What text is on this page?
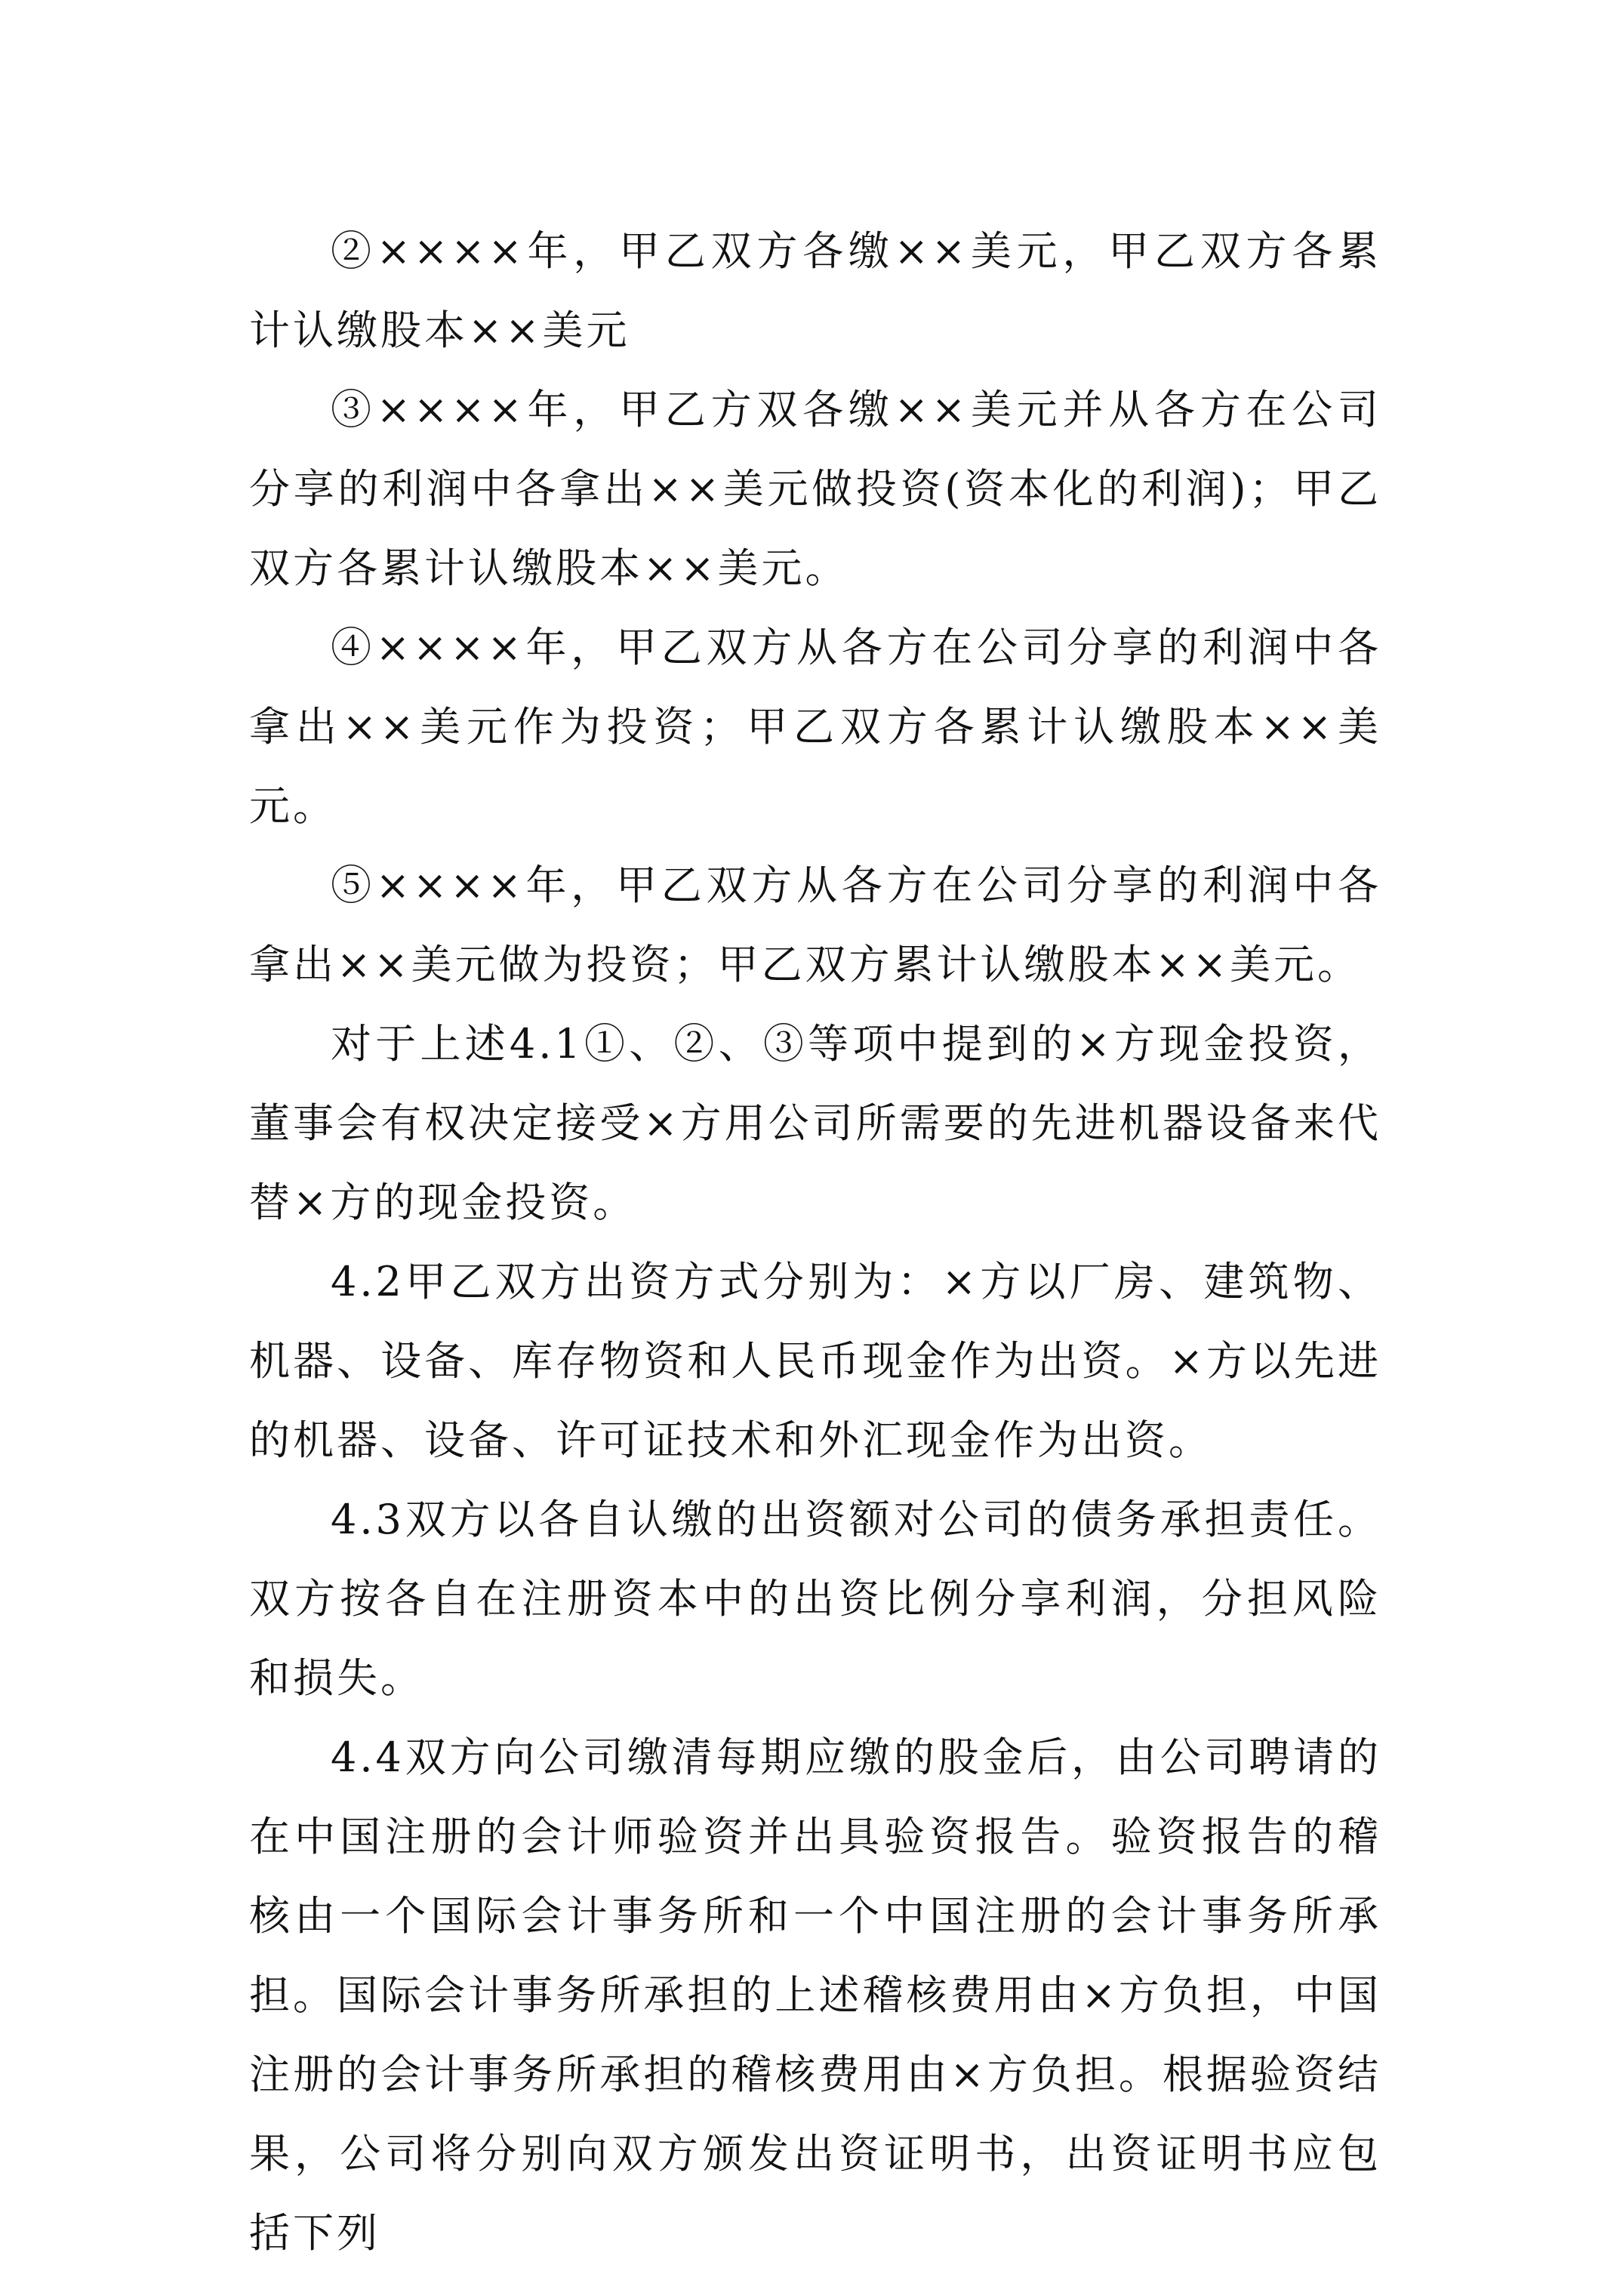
②××××年，甲乙双方各缴××美元，甲乙双方各累计认缴股本××美元

③××××年，甲乙方双各缴××美元并从各方在公司分享的利润中各拿出××美元做投资(资本化的利润)；甲乙双方各累计认缴股本××美元。

④××××年，甲乙双方从各方在公司分享的利润中各拿出××美元作为投资；甲乙双方各累计认缴股本××美元。

⑤××××年，甲乙双方从各方在公司分享的利润中各拿出××美元做为投资；甲乙双方累计认缴股本××美元。

对于上述4.1①、②、③等项中提到的×方现金投资，董事会有权决定接受×方用公司所需要的先进机器设备来代替×方的现金投资。

4.2甲乙双方出资方式分别为：×方以厂房、建筑物、机器、设备、库存物资和人民币现金作为出资。×方以先进的机器、设备、许可证技术和外汇现金作为出资。

4.3双方以各自认缴的出资额对公司的债务承担责任。双方按各自在注册资本中的出资比例分享利润，分担风险和损失。

4.4双方向公司缴清每期应缴的股金后，由公司聘请的在中国注册的会计师验资并出具验资报告。验资报告的稽核由一个国际会计事务所和一个中国注册的会计事务所承担。国际会计事务所承担的上述稽核费用由×方负担，中国注册的会计事务所承担的稽核费用由×方负担。根据验资结果，公司将分别向双方颁发出资证明书，出资证明书应包括下列
